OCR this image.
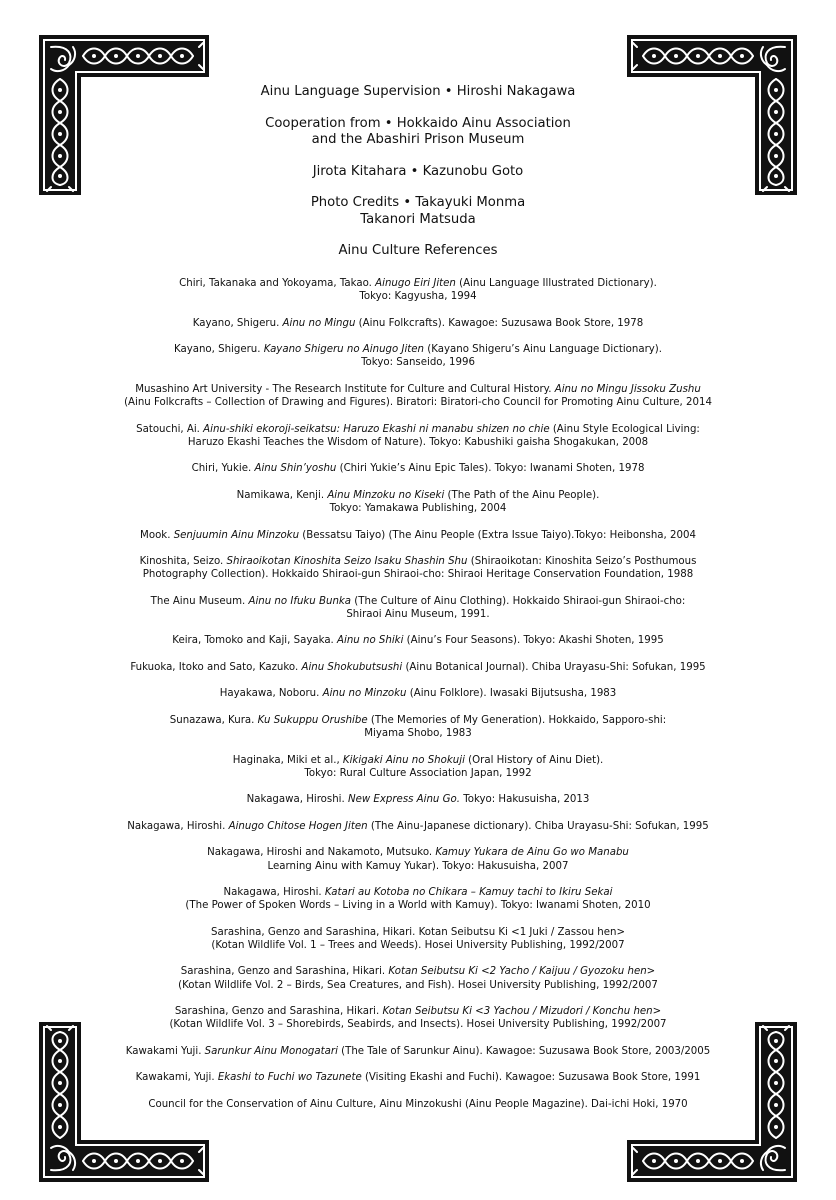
Ainu Language Supervision • Hiroshi Nakagawa
Cooperation from • Hokkaido Ainu Association
and the Abashiri Prison Museum
Jirota Kitahara • Kazunobu Goto
Photo Credits • Takayuki Monma
Takanori Matsuda
Ainu Culture References
Chiri, Takanaka and Yokoyama, Takao. Ainugo Eiri Jiten (Ainu Language Illustrated Dictionary).
Tokyo: Kagyusha, 1994
Kayano, Shigeru. Ainu no Mingu (Ainu Folkcrafts). Kawagoe: Suzusawa Book Store, 1978
Kayano, Shigeru. Kayano Shigeru no Ainugo Jiten (Kayano Shigeru’s Ainu Language Dictionary).
Tokyo: Sanseido, 1996
Musashino Art University - The Research Institute for Culture and Cultural History. Ainu no Mingu Jissoku Zushu
(Ainu Folkcrafts – Collection of Drawing and Figures). Biratori: Biratori-cho Council for Promoting Ainu Culture, 2014
Satouchi, Ai. Ainu-shiki ekoroji-seikatsu: Haruzo Ekashi ni manabu shizen no chie (Ainu Style Ecological Living:
Haruzo Ekashi Teaches the Wisdom of Nature). Tokyo: Kabushiki gaisha Shogakukan, 2008
Chiri, Yukie. Ainu Shin’yoshu (Chiri Yukie’s Ainu Epic Tales). Tokyo: Iwanami Shoten, 1978
Namikawa, Kenji. Ainu Minzoku no Kiseki (The Path of the Ainu People).
Tokyo: Yamakawa Publishing, 2004
Mook. Senjuumin Ainu Minzoku (Bessatsu Taiyo) (The Ainu People (Extra Issue Taiyo).Tokyo: Heibonsha, 2004
Kinoshita, Seizo. Shiraoikotan Kinoshita Seizo Isaku Shashin Shu (Shiraoikotan: Kinoshita Seizo’s Posthumous
Photography Collection). Hokkaido Shiraoi-gun Shiraoi-cho: Shiraoi Heritage Conservation Foundation, 1988
The Ainu Museum. Ainu no Ifuku Bunka (The Culture of Ainu Clothing). Hokkaido Shiraoi-gun Shiraoi-cho:
Shiraoi Ainu Museum, 1991.
Keira, Tomoko and Kaji, Sayaka. Ainu no Shiki (Ainu’s Four Seasons). Tokyo: Akashi Shoten, 1995
Fukuoka, Itoko and Sato, Kazuko. Ainu Shokubutsushi (Ainu Botanical Journal). Chiba Urayasu-Shi: Sofukan, 1995
Hayakawa, Noboru. Ainu no Minzoku (Ainu Folklore). Iwasaki Bijutsusha, 1983
Sunazawa, Kura. Ku Sukuppu Orushibe (The Memories of My Generation). Hokkaido, Sapporo-shi:
Miyama Shobo, 1983
Haginaka, Miki et al., Kikigaki Ainu no Shokuji (Oral History of Ainu Diet).
Tokyo: Rural Culture Association Japan, 1992
Nakagawa, Hiroshi. New Express Ainu Go. Tokyo: Hakusuisha, 2013
Nakagawa, Hiroshi. Ainugo Chitose Hogen Jiten (The Ainu-Japanese dictionary). Chiba Urayasu-Shi: Sofukan, 1995
Nakagawa, Hiroshi and Nakamoto, Mutsuko. Kamuy Yukara de Ainu Go wo Manabu
Learning Ainu with Kamuy Yukar). Tokyo: Hakusuisha, 2007
Nakagawa, Hiroshi. Katari au Kotoba no Chikara – Kamuy tachi to Ikiru Sekai
(The Power of Spoken Words – Living in a World with Kamuy). Tokyo: Iwanami Shoten, 2010
Sarashina, Genzo and Sarashina, Hikari. Kotan Seibutsu Ki <1 Juki / Zassou hen>
(Kotan Wildlife Vol. 1 – Trees and Weeds). Hosei University Publishing, 1992/2007
Sarashina, Genzo and Sarashina, Hikari. Kotan Seibutsu Ki <2 Yacho / Kaijuu / Gyozoku hen>
(Kotan Wildlife Vol. 2 – Birds, Sea Creatures, and Fish). Hosei University Publishing, 1992/2007
Sarashina, Genzo and Sarashina, Hikari. Kotan Seibutsu Ki <3 Yachou / Mizudori / Konchu hen>
(Kotan Wildlife Vol. 3 – Shorebirds, Seabirds, and Insects). Hosei University Publishing, 1992/2007
Kawakami Yuji. Sarunkur Ainu Monogatari (The Tale of Sarunkur Ainu). Kawagoe: Suzusawa Book Store, 2003/2005
Kawakami, Yuji. Ekashi to Fuchi wo Tazunete (Visiting Ekashi and Fuchi). Kawagoe: Suzusawa Book Store, 1991
Council for the Conservation of Ainu Culture, Ainu Minzokushi (Ainu People Magazine). Dai-ichi Hoki, 1970
